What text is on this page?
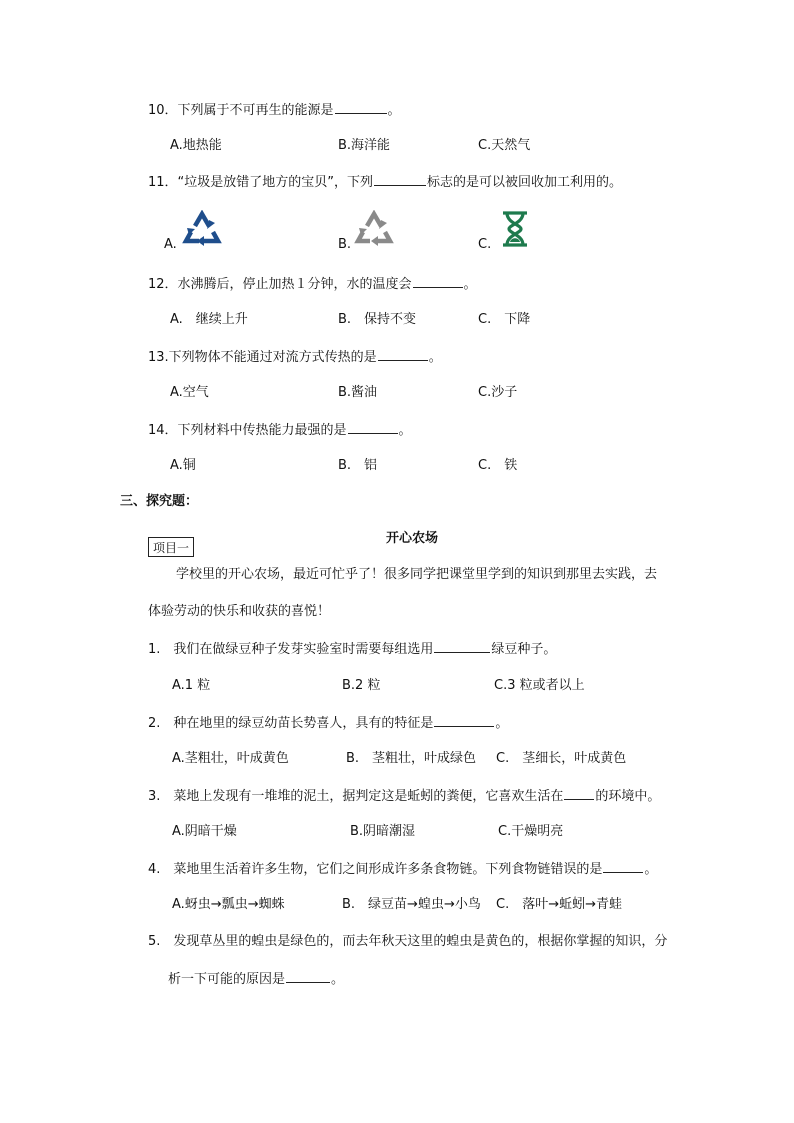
10．下列属于不可再生的能源是	。
A.地热能	B.海洋能	C.天然气
11．“垃圾是放错了地方的宝贝”，下列	标志的是可以被回收加工利用的。
A.	B.	C.
12．水沸腾后，停止加热１分钟，水的温度会	。
A.　继续上升	B.　保持不变	C.　下降
13.下列物体不能通过对流方式传热的是	。
A.空气	B.酱油	C.沙子
14．下列材料中传热能力最强的是	。
A.铜	B.　铝	C.　铁
三、探究题：
项目一
开心农场
学校里的开心农场，最近可忙乎了！很多同学把课堂里学到的知识到那里去实践，去
体验劳动的快乐和收获的喜悦！
1.　我们在做绿豆种子发芽实验室时需要每组选用	绿豆种子。
A.1 粒	B.2 粒	C.3 粒或者以上
2.　种在地里的绿豆幼苗长势喜人，具有的特征是	。
A.茎粗壮，叶成黄色	B.　茎粗壮，叶成绿色 C.　茎细长，叶成黄色
3.　菜地上发现有一堆堆的泥土，据判定这是蚯蚓的粪便，它喜欢生活在 的环境中。
A.阴暗干燥	B.阴暗潮湿	C.干燥明亮
4.　菜地里生活着许多生物，它们之间形成许多条食物链。下列食物链错误的是	。
A.蚜虫→瓢虫→蜘蛛	B.　绿豆苗→蝗虫→小鸟 C.　落叶→蚯蚓→青蛙
5.　发现草丛里的蝗虫是绿色的，而去年秋天这里的蝗虫是黄色的，根据你掌握的知识，分
析一下可能的原因是	。
